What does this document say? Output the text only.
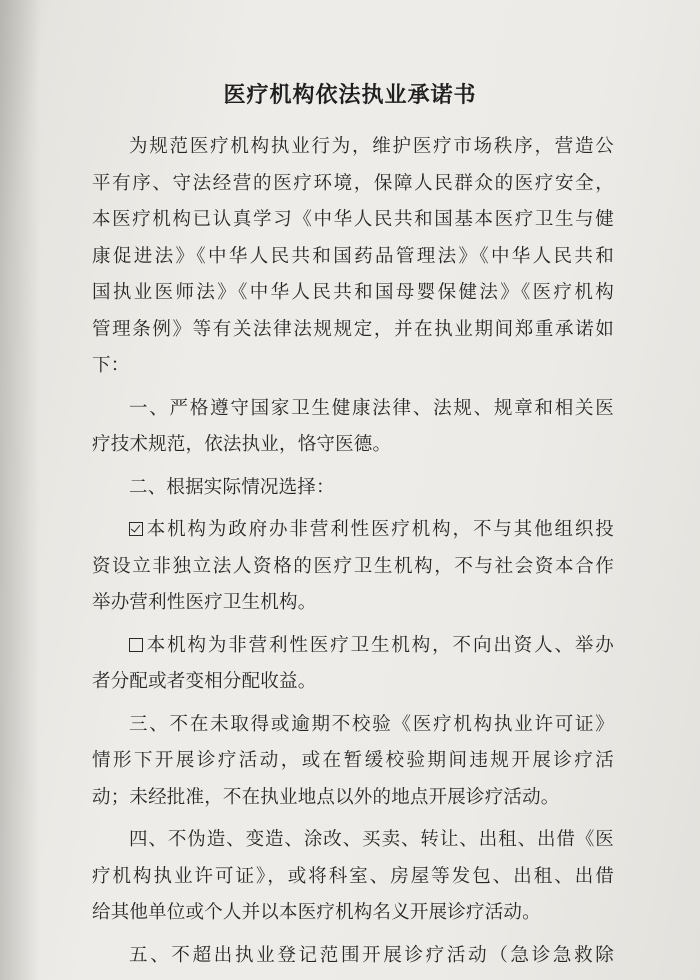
医疗机构依法执业承诺书
为规范医疗机构执业行为，维护医疗市场秩序，营造公
平有序、守法经营的医疗环境，保障人民群众的医疗安全，
本医疗机构已认真学习《中华人民共和国基本医疗卫生与健
康促进法》《中华人民共和国药品管理法》《中华人民共和
国执业医师法》《中华人民共和国母婴保健法》《医疗机构
管理条例》等有关法律法规规定，并在执业期间郑重承诺如
下：
一、严格遵守国家卫生健康法律、法规、规章和相关医
疗技术规范，依法执业，恪守医德。
二、根据实际情况选择：
本机构为政府办非营利性医疗机构，不与其他组织投
资设立非独立法人资格的医疗卫生机构，不与社会资本合作
举办营利性医疗卫生机构。
本机构为非营利性医疗卫生机构，不向出资人、举办
者分配或者变相分配收益。
三、不在未取得或逾期不校验《医疗机构执业许可证》
情形下开展诊疗活动，或在暂缓校验期间违规开展诊疗活
动；未经批准，不在执业地点以外的地点开展诊疗活动。
四、不伪造、变造、涂改、买卖、转让、出租、出借《医
疗机构执业许可证》，或将科室、房屋等发包、出租、出借
给其他单位或个人并以本医疗机构名义开展诊疗活动。
五、不超出执业登记范围开展诊疗活动（急诊急救除
